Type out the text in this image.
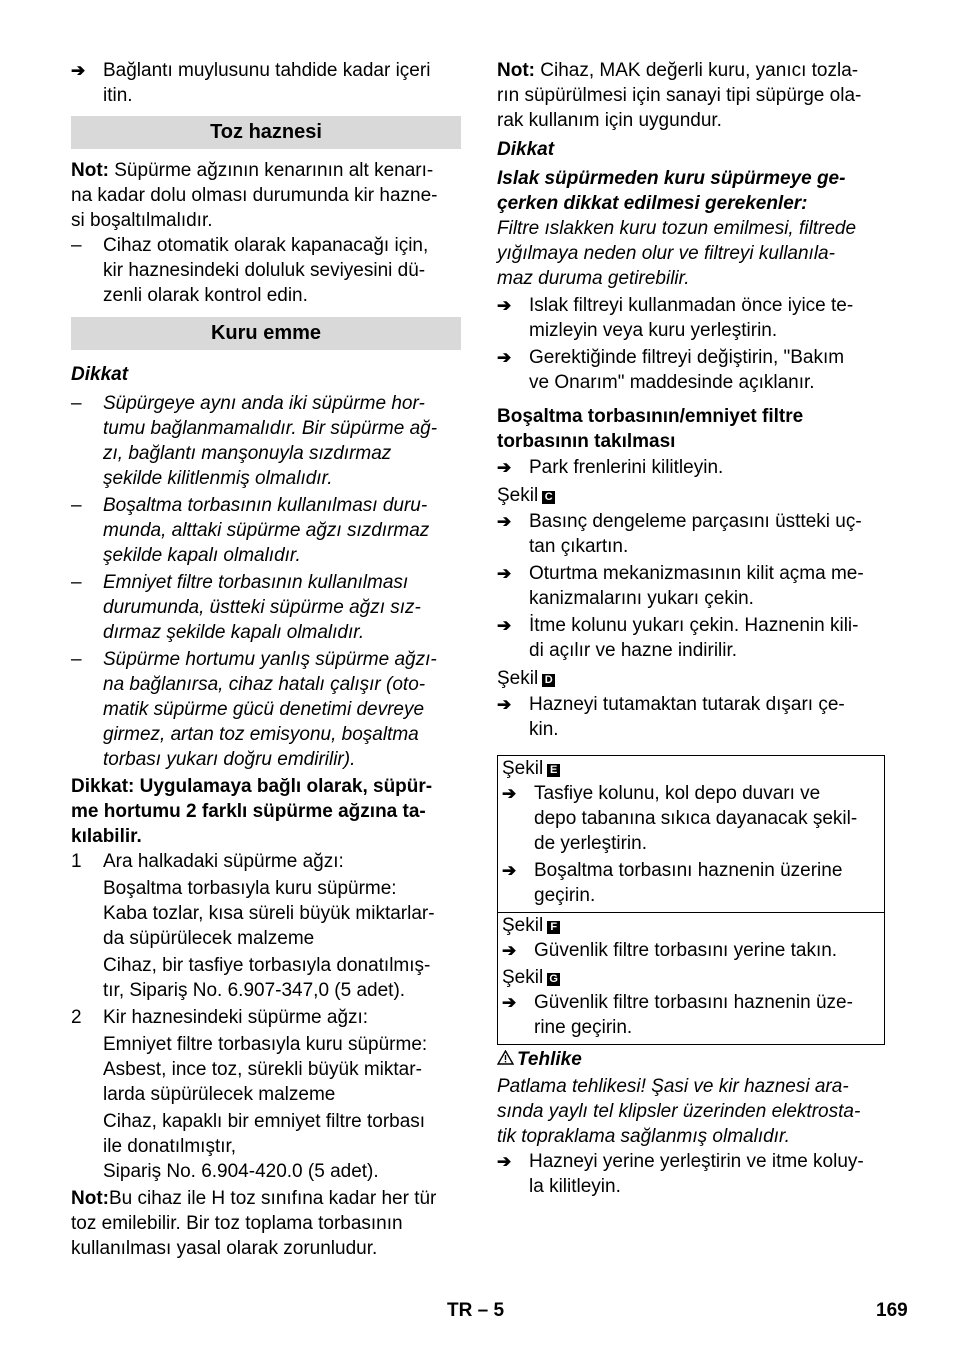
➔ Bağlantı muylusunu tahdide kadar içeri
itin.
Toz haznesi
Not: Süpürme ağzının kenarının alt kenarı-
na kadar dolu olması durumunda kir hazne-
si boşaltılmalıdır.
–	Cihaz otomatik olarak kapanacağı için,
kir haznesindeki doluluk seviyesini dü-
zenli olarak kontrol edin.
Kuru emme
Dikkat
–	Süpürgeye aynı anda iki süpürme hor-
tumu bağlanmamalıdır. Bir süpürme ağ-
zı, bağlantı manşonuyla sızdırmaz
şekilde kilitlenmiş olmalıdır.
–	Boşaltma torbasının kullanılması duru-
munda, alttaki süpürme ağzı sızdırmaz
şekilde kapalı olmalıdır.
–	Emniyet filtre torbasının kullanılması
durumunda, üstteki süpürme ağzı sız-
dırmaz şekilde kapalı olmalıdır.
–	Süpürme hortumu yanlış süpürme ağzı-
na bağlanırsa, cihaz hatalı çalışır (oto-
matik süpürme gücü denetimi devreye
girmez, artan toz emisyonu, boşaltma
torbası yukarı doğru emdirilir).
Dikkat: Uygulamaya bağlı olarak, süpür-
me hortumu 2 farklı süpürme ağzına ta-
kılabilir.
1	Ara halkadaki süpürme ağzı:
Boşaltma torbasıyla kuru süpürme:
Kaba tozlar, kısa süreli büyük miktarlar-
da süpürülecek malzeme
Cihaz, bir tasfiye torbasıyla donatılmış-
tır, Sipariş No. 6.907-347,0 (5 adet).
2	Kir haznesindeki süpürme ağzı:
Emniyet filtre torbasıyla kuru süpürme:
Asbest, ince toz, sürekli büyük miktar-
larda süpürülecek malzeme
Cihaz, kapaklı bir emniyet filtre torbası
ile donatılmıştır,
Sipariş No. 6.904-420.0 (5 adet).
Not:Bu cihaz ile H toz sınıfına kadar her tür
toz emilebilir. Bir toz toplama torbasının
kullanılması yasal olarak zorunludur.
Not: Cihaz, MAK değerli kuru, yanıcı tozla-
rın süpürülmesi için sanayi tipi süpürge ola-
rak kullanım için uygundur.
Dikkat
Islak süpürmeden kuru süpürmeye ge-
çerken dikkat edilmesi gerekenler:
Filtre ıslakken kuru tozun emilmesi, filtrede
yığılmaya neden olur ve filtreyi kullanıla-
maz duruma getirebilir.
➔ Islak filtreyi kullanmadan önce iyice te-
mizleyin veya kuru yerleştirin.
➔ Gerektiğinde filtreyi değiştirin, "Bakım
ve Onarım" maddesinde açıklanır.
Boşaltma torbasının/emniyet filtre
torbasının takılması
➔ Park frenlerini kilitleyin.
Şekil C
➔ Basınç dengeleme parçasını üstteki uç-
tan çıkartın.
➔ Oturtma mekanizmasının kilit açma me-
kanizmalarını yukarı çekin.
➔ İtme kolunu yukarı çekin. Haznenin kili-
di açılır ve hazne indirilir.
Şekil D
➔ Hazneyi tutamaktan tutarak dışarı çe-
kin.
Şekil E
➔ Tasfiye kolunu, kol depo duvarı ve
depo tabanına sıkıca dayanacak şekil-
de yerleştirin.
➔ Boşaltma torbasını haznenin üzerine
geçirin.
Şekil F
➔ Güvenlik filtre torbasını yerine takın.
Şekil G
➔ Güvenlik filtre torbasını haznenin üze-
rine geçirin.
Tehlike
Patlama tehlikesi! Şasi ve kir haznesi ara-
sında yaylı tel klipsler üzerinden elektrosta-
tik topraklama sağlanmış olmalıdır.
➔ Hazneyi yerine yerleştirin ve itme koluy-
la kilitleyin.
TR – 5	169
